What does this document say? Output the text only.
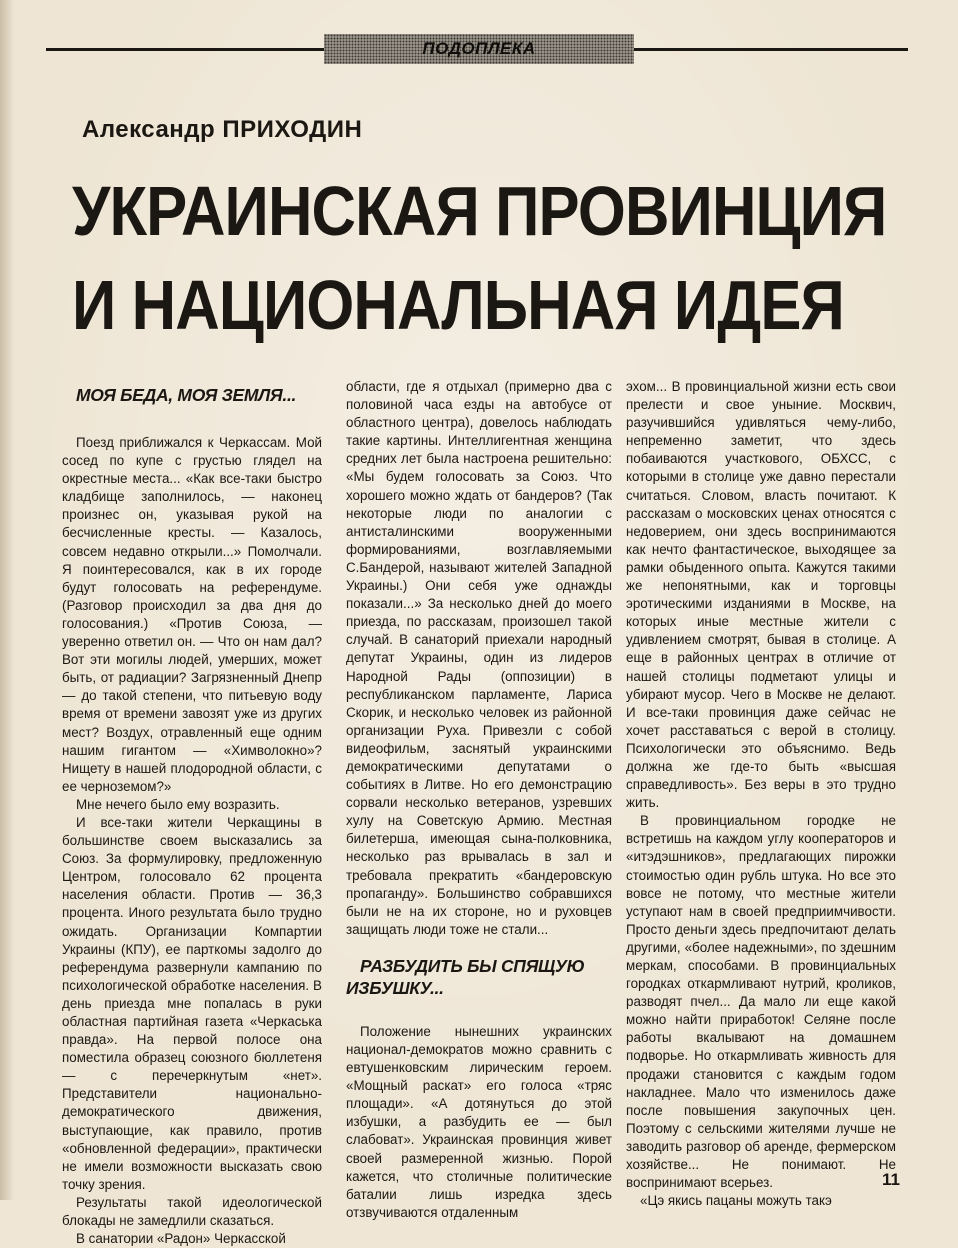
ПОДОПЛЕКА
Александр ПРИХОДИН
УКРАИНСКАЯ ПРОВИНЦИЯ
И НАЦИОНАЛЬНАЯ ИДЕЯ

МОЯ БЕДА, МОЯ ЗЕМЛЯ...

Поезд приближался к Черкассам. Мой сосед по купе с грустью глядел на окрестные места... «Как все-таки быстро кладбище заполнилось, — наконец произнес он, указывая рукой на бесчисленные кресты. — Казалось, совсем недавно открыли...» Помолчали. Я поинтересовался, как в их городе будут голосовать на референдуме. (Разговор происходил за два дня до голосования.) «Против Союза, — уверенно ответил он. — Что он нам дал? Вот эти могилы людей, умерших, может быть, от радиации? Загрязненный Днепр — до такой степени, что питьевую воду время от времени завозят уже из других мест? Воздух, отравленный еще одним нашим гигантом — «Химволокно»? Нищету в нашей плодородной области, с ее черноземом?»

Мне нечего было ему возразить.

И все-таки жители Черкащины в большинстве своем высказались за Союз. За формулировку, предложенную Центром, голосовало 62 процента населения области. Против — 36,3 процента. Иного результата было трудно ожидать. Организации Компартии Украины (КПУ), ее парткомы задолго до референдума развернули кампанию по психологической обработке населения. В день приезда мне попалась в руки областная партийная газета «Черкаська правда». На первой полосе она поместила образец союзного бюллетеня — с перечеркнутым «нет». Представители национально-демократического движения, выступающие, как правило, против «обновленной федерации», практически не имели возможности высказать свою точку зрения.

Результаты такой идеологической блокады не замедлили сказаться.

В санатории «Радон» Черкасской

области, где я отдыхал (примерно два с половиной часа езды на автобусе от областного центра), довелось наблюдать такие картины. Интеллигентная женщина средних лет была настроена решительно: «Мы будем голосовать за Союз. Что хорошего можно ждать от бандеров? (Так некоторые люди по аналогии с антисталинскими вооруженными формированиями, возглавляемыми С.Бандерой, называют жителей Западной Украины.) Они себя уже однажды показали...» За несколько дней до моего приезда, по рассказам, произошел такой случай. В санаторий приехали народный депутат Украины, один из лидеров Народной Рады (оппозиции) в республиканском парламенте, Лариса Скорик, и несколько человек из районной организации Руха. Привезли с собой видеофильм, заснятый украинскими демократическими депутатами о событиях в Литве. Но его демонстрацию сорвали несколько ветеранов, узревших хулу на Советскую Армию. Местная билетерша, имеющая сына-полковника, несколько раз врывалась в зал и требовала прекратить «бандеровскую пропаганду». Большинство собравшихся были не на их стороне, но и руховцев защищать люди тоже не стали...

РАЗБУДИТЬ БЫ СПЯЩУЮ ИЗБУШКУ...

Положение нынешних украинских национал-демократов можно сравнить с евтушенковским лирическим героем. «Мощный раскат» его голоса «тряс площади». «А дотянуться до этой избушки, а разбудить ее — был слабоват». Украинская провинция живет своей размеренной жизнью. Порой кажется, что столичные политические баталии лишь изредка здесь отзвучиваются отдаленным

эхом... В провинциальной жизни есть свои прелести и свое уныние. Москвич, разучившийся удивляться чему-либо, непременно заметит, что здесь побаиваются участкового, ОБХСС, с которыми в столице уже давно перестали считаться. Словом, власть почитают. К рассказам о московских ценах относятся с недоверием, они здесь воспринимаются как нечто фантастическое, выходящее за рамки обыденного опыта. Кажутся такими же непонятными, как и торговцы эротическими изданиями в Москве, на которых иные местные жители с удивлением смотрят, бывая в столице. А еще в районных центрах в отличие от нашей столицы подметают улицы и убирают мусор. Чего в Москве не делают. И все-таки провинция даже сейчас не хочет расставаться с верой в столицу. Психологически это объяснимо. Ведь должна же где-то быть «высшая справедливость». Без веры в это трудно жить.

В провинциальном городке не встретишь на каждом углу кооператоров и «итэдэшников», предлагающих пирожки стоимостью один рубль штука. Но все это вовсе не потому, что местные жители уступают нам в своей предприимчивости. Просто деньги здесь предпочитают делать другими, «более надежными», по здешним меркам, способами. В провинциальных городках откармливают нутрий, кроликов, разводят пчел... Да мало ли еще какой можно найти приработок! Селяне после работы вкалывают на домашнем подворье. Но откармливать живность для продажи становится с каждым годом накладнее. Мало что изменилось даже после повышения закупочных цен. Поэтому с сельскими жителями лучше не заводить разговор об аренде, фермерском хозяйстве... Не понимают. Не воспринимают всерьез.

«Цэ якись пацаны можуть такэ

11
